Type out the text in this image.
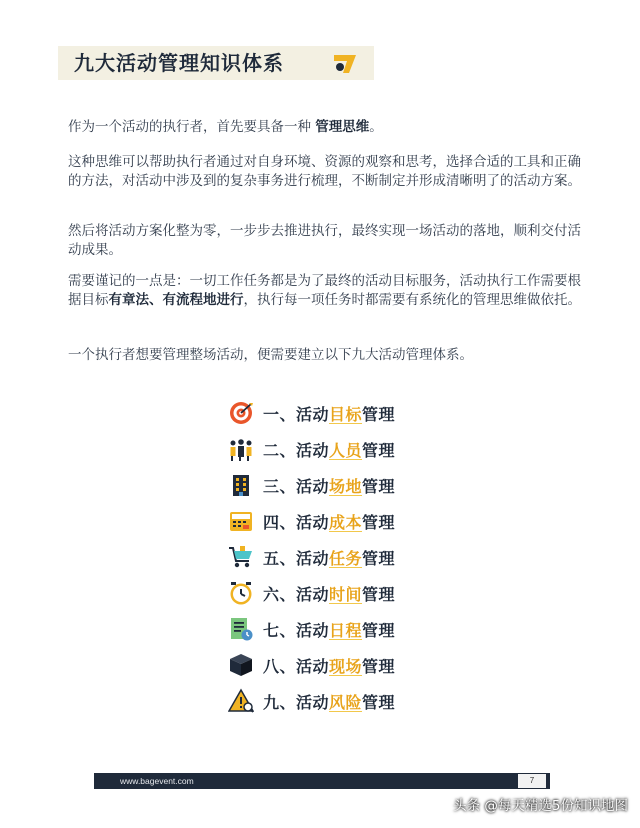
九大活动管理知识体系

作为一个活动的执行者，首先要具备一种 管理思维。

这种思维可以帮助执行者通过对自身环境、资源的观察和思考，选择合适的工具和正确的方法，对活动中涉及到的复杂事务进行梳理，不断制定并形成清晰明了的活动方案。

然后将活动方案化整为零，一步步去推进执行，最终实现一场活动的落地，顺利交付活动成果。

需要谨记的一点是：一切工作任务都是为了最终的活动目标服务，活动执行工作需要根据目标有章法、有流程地进行，执行每一项任务时都需要有系统化的管理思维做依托。

一个执行者想要管理整场活动，便需要建立以下九大活动管理体系。

一、活动目标管理
二、活动人员管理
三、活动场地管理
四、活动成本管理
五、活动任务管理
六、活动时间管理
七、活动日程管理
八、活动现场管理
九、活动风险管理
www.bagevent.com	7
头条 @每天精选5份知识地图
